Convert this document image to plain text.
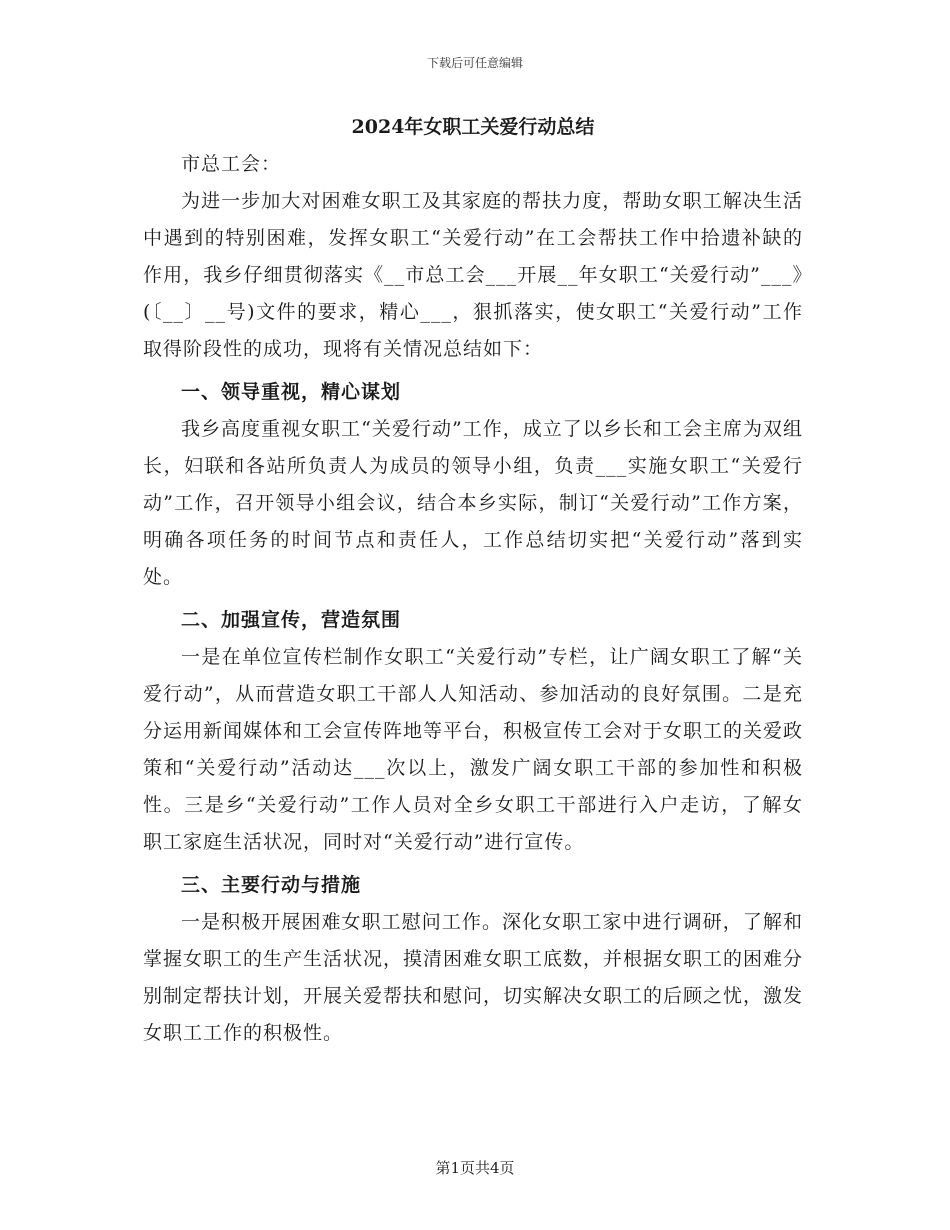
下载后可任意编辑
2024年女职工关爱行动总结

市总工会：

为进一步加大对困难女职工及其家庭的帮扶力度，帮助女职工解决生活中遇到的特别困难，发挥女职工“关爱行动”在工会帮扶工作中拾遗补缺的作用，我乡仔细贯彻落实《__市总工会___开展__年女职工“关爱行动”___》(〔__〕__号)文件的要求，精心___，狠抓落实，使女职工“关爱行动”工作取得阶段性的成功，现将有关情况总结如下：

一、领导重视，精心谋划

我乡高度重视女职工“关爱行动”工作，成立了以乡长和工会主席为双组长，妇联和各站所负责人为成员的领导小组，负责___实施女职工“关爱行动”工作，召开领导小组会议，结合本乡实际，制订“关爱行动”工作方案，明确各项任务的时间节点和责任人，工作总结切实把“关爱行动”落到实处。

二、加强宣传，营造氛围

一是在单位宣传栏制作女职工“关爱行动”专栏，让广阔女职工了解“关爱行动”，从而营造女职工干部人人知活动、参加活动的良好氛围。二是充分运用新闻媒体和工会宣传阵地等平台，积极宣传工会对于女职工的关爱政策和“关爱行动”活动达___次以上，激发广阔女职工干部的参加性和积极性。三是乡“关爱行动”工作人员对全乡女职工干部进行入户走访，了解女职工家庭生活状况，同时对“关爱行动”进行宣传。

三、主要行动与措施

一是积极开展困难女职工慰问工作。深化女职工家中进行调研，了解和掌握女职工的生产生活状况，摸清困难女职工底数，并根据女职工的困难分别制定帮扶计划，开展关爱帮扶和慰问，切实解决女职工的后顾之忧，激发女职工工作的积极性。

第1页共4页
